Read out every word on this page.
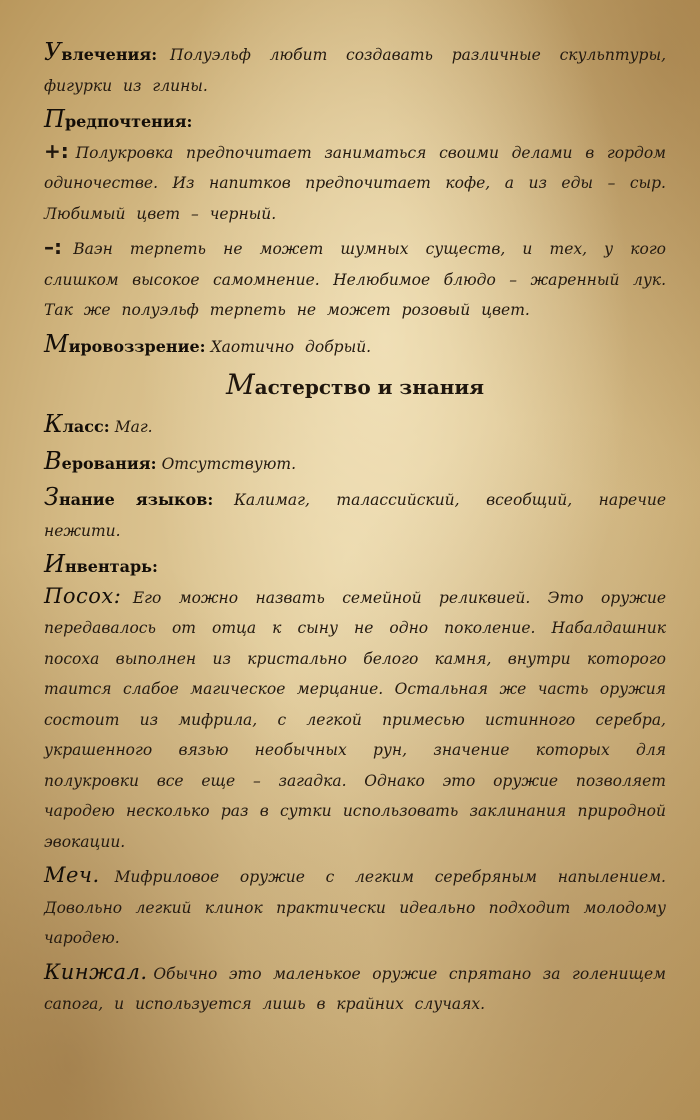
Увлечения: Полуэльф любит создавать различные скульптуры, фигурки из глины.

Предпочтения:

+: Полукровка предпочитает заниматься своими делами в гордом одиночестве. Из напитков предпочитает кофе, а из еды – сыр. Любимый цвет – черный.

–: Ваэн терпеть не может шумных существ, и тех, у кого слишком высокое самомнение. Нелюбимое блюдо – жаренный лук. Так же полуэльф терпеть не может розовый цвет.

Мировоззрение: Хаотично добрый.

Мастерство и знания

Класс: Маг.

Верования: Отсутствуют.

Знание языков: Калимаг, талассийский, всеобщий, наречие нежити.

Инвентарь:

Посох: Его можно назвать семейной реликвией. Это оружие передавалось от отца к сыну не одно поколение. Набалдашник посоха выполнен из кристально белого камня, внутри которого таится слабое магическое мерцание. Остальная же часть оружия состоит из мифрила, с легкой примесью истинного серебра, украшенного вязью необычных рун, значение которых для полукровки все еще – загадка. Однако это оружие позволяет чародею несколько раз в сутки использовать заклинания природной эвокации.

Меч. Мифриловое оружие с легким серебряным напылением. Довольно легкий клинок практически идеально подходит молодому чародею.

Кинжал. Обычно это маленькое оружие спрятано за голенищем сапога, и используется лишь в крайних случаях.
